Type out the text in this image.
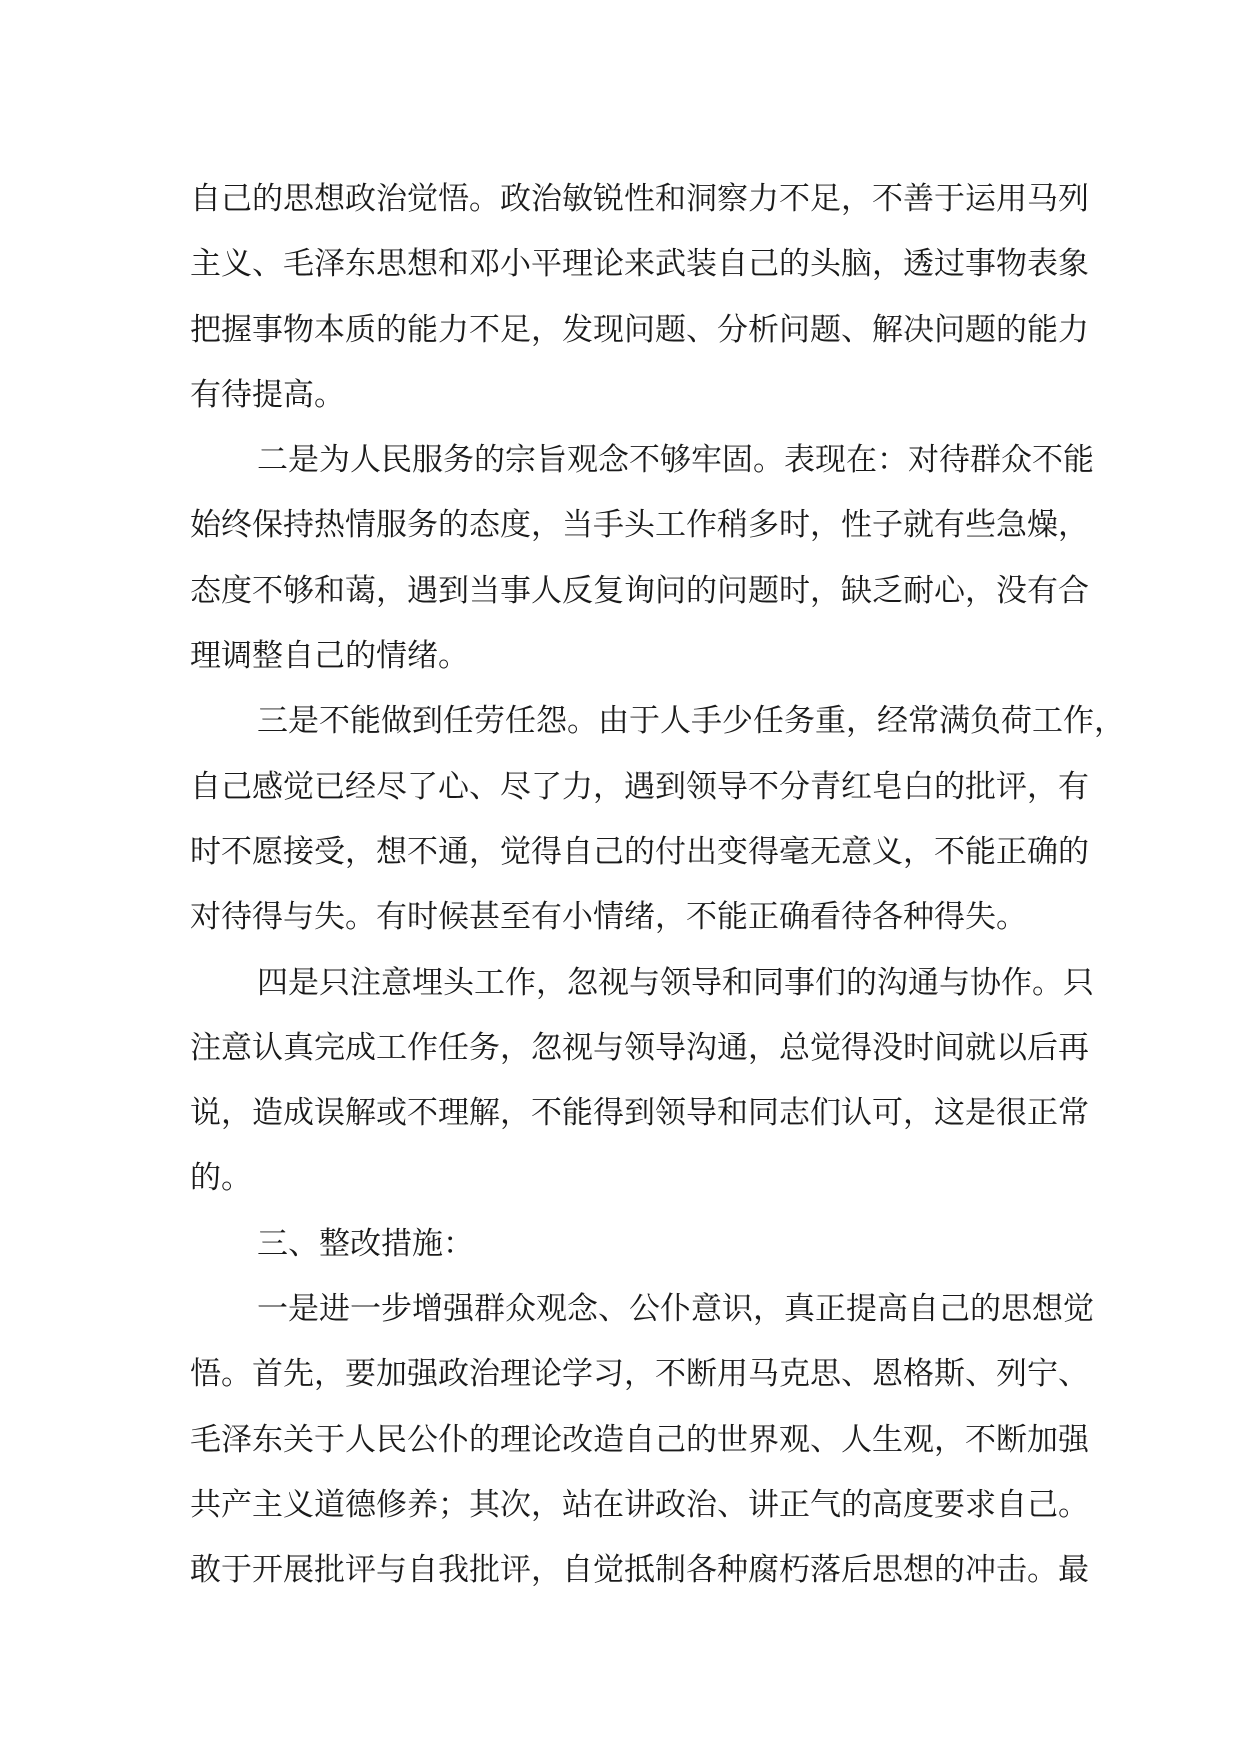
自己的思想政治觉悟。政治敏锐性和洞察力不足，不善于运用马列
主义、毛泽东思想和邓小平理论来武装自己的头脑，透过事物表象
把握事物本质的能力不足，发现问题、分析问题、解决问题的能力
有待提高。
二是为人民服务的宗旨观念不够牢固。表现在：对待群众不能
始终保持热情服务的态度，当手头工作稍多时，性子就有些急燥，
态度不够和蔼，遇到当事人反复询问的问题时，缺乏耐心，没有合
理调整自己的情绪。
三是不能做到任劳任怨。由于人手少任务重，经常满负荷工作，
自己感觉已经尽了心、尽了力，遇到领导不分青红皂白的批评，有
时不愿接受，想不通，觉得自己的付出变得毫无意义，不能正确的
对待得与失。有时候甚至有小情绪，不能正确看待各种得失。
四是只注意埋头工作，忽视与领导和同事们的沟通与协作。只
注意认真完成工作任务，忽视与领导沟通，总觉得没时间就以后再
说，造成误解或不理解，不能得到领导和同志们认可，这是很正常
的。
三、整改措施：
一是进一步增强群众观念、公仆意识，真正提高自己的思想觉
悟。首先，要加强政治理论学习，不断用马克思、恩格斯、列宁、
毛泽东关于人民公仆的理论改造自己的世界观、人生观，不断加强
共产主义道德修养；其次，站在讲政治、讲正气的高度要求自己。
敢于开展批评与自我批评，自觉抵制各种腐朽落后思想的冲击。最
